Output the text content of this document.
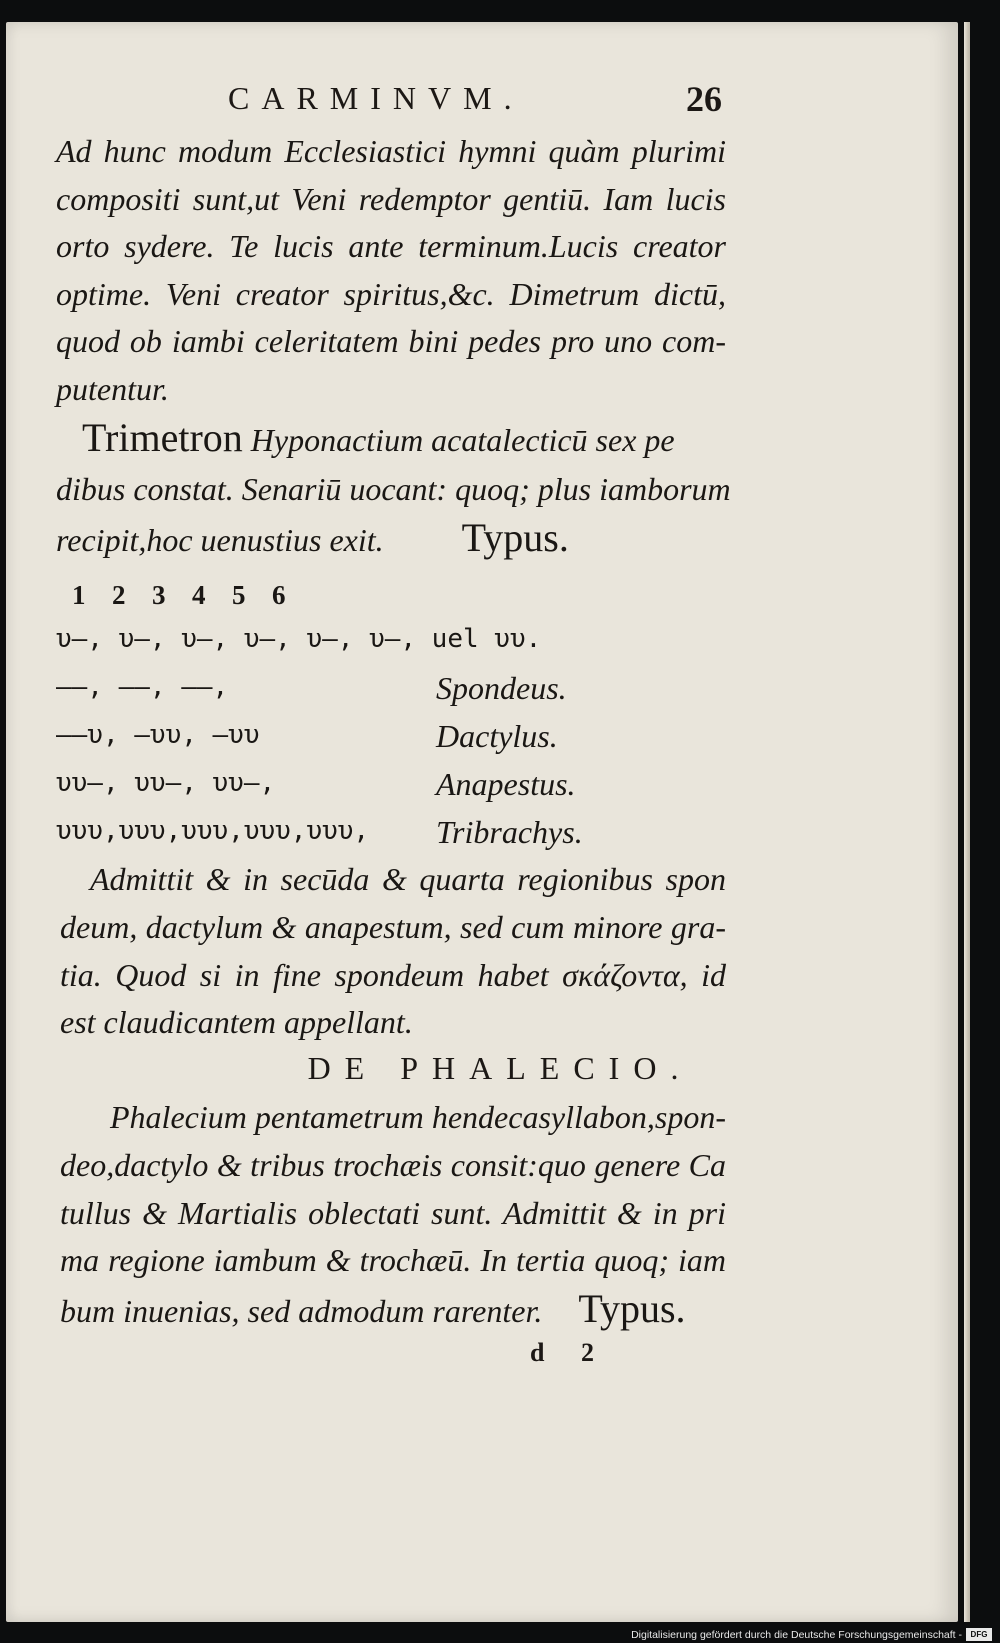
CARMINVM.	26
Ad hunc modum Ecclesiastici hymni quàm plurimi
compositi sunt,ut Veni redemptor gentiū. Iam lucis
orto sydere. Te lucis ante terminum.Lucis creator
optime. Veni creator spiritus,&c. Dimetrum dictū,
quod ob iambi celeritatem bini pedes pro uno com-
putentur.
Trimetron Hyponactium acatalecticū sex pe
dibus constat. Senariū uocant: quoq; plus iamborum
recipit,hoc uenustius exit. Typus.
1 2 3 4 5 6
υ–, υ–, υ–, υ–, υ–, υ–, uel υυ.
––, ––, ––,	Spondeus.
––υ, –υυ, –υυ	Dactylus.
υυ–, υυ–, υυ–,	Anapestus.
υυυ,υυυ,υυυ,υυυ,υυυ, Tribrachys.
Admittit & in secūda & quarta regionibus spon
deum, dactylum & anapestum, sed cum minore gra-
tia. Quod si in fine spondeum habet σκάζοντα, id
est claudicantem appellant.
DE PHALECIO.
Phalecium pentametrum hendecasyllabon,spon-
deo,dactylo & tribus trochæis consit:quo genere Ca
tullus & Martialis oblectati sunt. Admittit & in pri
ma regione iambum & trochæū. In tertia quoq; iam
bum inuenias, sed admodum rarenter. Typus.
d 2
Digitalisierung gefördert durch die Deutsche Forschungsgemeinschaft -	DFG
